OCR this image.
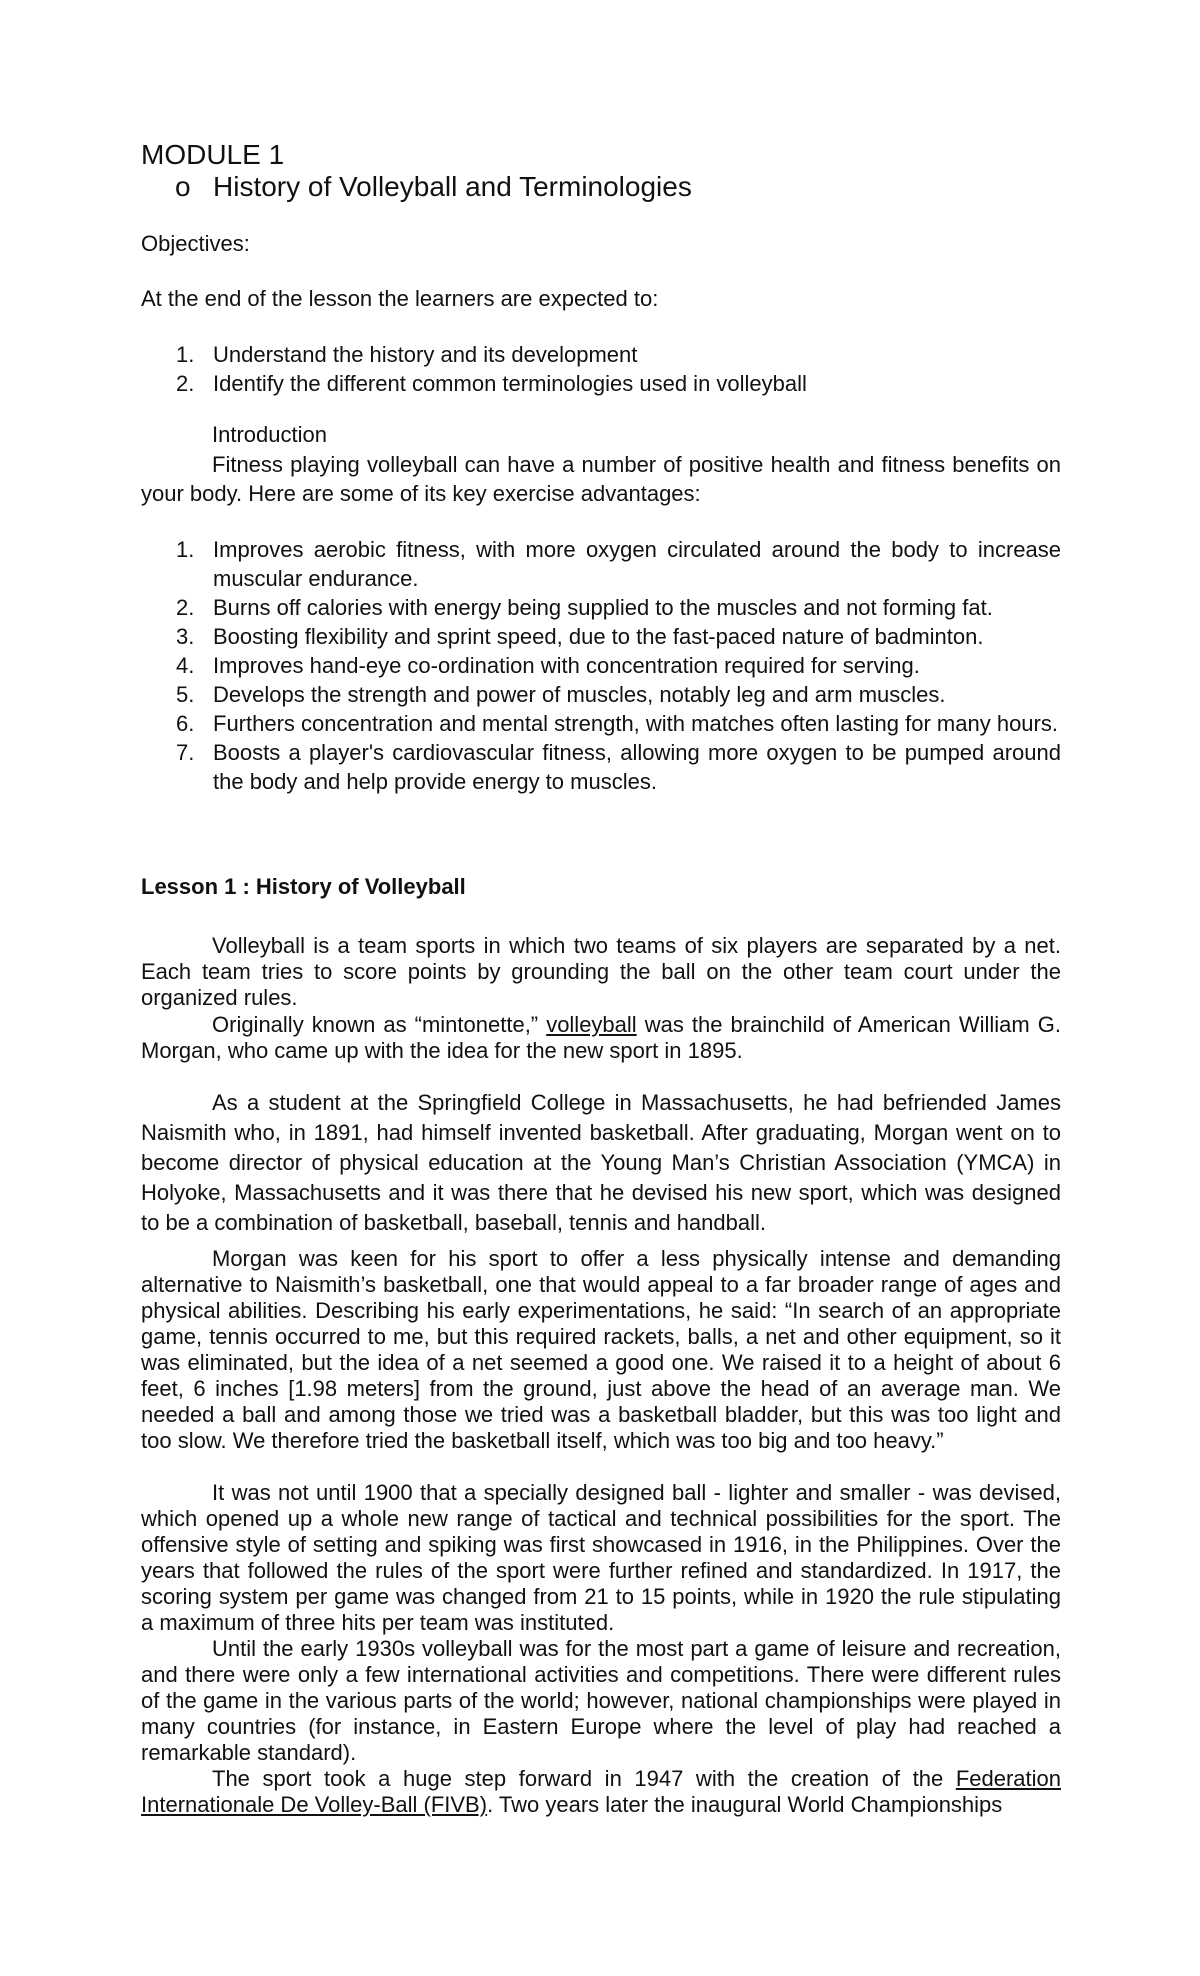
MODULE 1
o History of Volleyball and Terminologies
Objectives:
At the end of the lesson the learners are expected to:
1. Understand the history and its development
2. Identify the different common terminologies used in volleyball
Introduction

Fitness playing volleyball can have a number of positive health and fitness benefits on your body. Here are some of its key exercise advantages:

1. Improves aerobic fitness, with more oxygen circulated around the body to increase muscular endurance.
2. Burns off calories with energy being supplied to the muscles and not forming fat.
3. Boosting flexibility and sprint speed, due to the fast-paced nature of badminton.
4. Improves hand-eye co-ordination with concentration required for serving.
5. Develops the strength and power of muscles, notably leg and arm muscles.
6. Furthers concentration and mental strength, with matches often lasting for many hours.
7. Boosts a player's cardiovascular fitness, allowing more oxygen to be pumped around the body and help provide energy to muscles.
Lesson 1 : History of Volleyball

Volleyball is a team sports in which two teams of six players are separated by a net. Each team tries to score points by grounding the ball on the other team court under the organized rules.

Originally known as “mintonette,” volleyball was the brainchild of American William G. Morgan, who came up with the idea for the new sport in 1895.

As a student at the Springfield College in Massachusetts, he had befriended James Naismith who, in 1891, had himself invented basketball. After graduating, Morgan went on to become director of physical education at the Young Man’s Christian Association (YMCA) in Holyoke, Massachusetts and it was there that he devised his new sport, which was designed to be a combination of basketball, baseball, tennis and handball.

Morgan was keen for his sport to offer a less physically intense and demanding alternative to Naismith’s basketball, one that would appeal to a far broader range of ages and physical abilities. Describing his early experimentations, he said: “In search of an appropriate game, tennis occurred to me, but this required rackets, balls, a net and other equipment, so it was eliminated, but the idea of a net seemed a good one. We raised it to a height of about 6 feet, 6 inches [1.98 meters] from the ground, just above the head of an average man. We needed a ball and among those we tried was a basketball bladder, but this was too light and too slow. We therefore tried the basketball itself, which was too big and too heavy.”

It was not until 1900 that a specially designed ball - lighter and smaller - was devised, which opened up a whole new range of tactical and technical possibilities for the sport. The offensive style of setting and spiking was first showcased in 1916, in the Philippines. Over the years that followed the rules of the sport were further refined and standardized. In 1917, the scoring system per game was changed from 21 to 15 points, while in 1920 the rule stipulating a maximum of three hits per team was instituted.

Until the early 1930s volleyball was for the most part a game of leisure and recreation, and there were only a few international activities and competitions. There were different rules of the game in the various parts of the world; however, national championships were played in many countries (for instance, in Eastern Europe where the level of play had reached a remarkable standard).

The sport took a huge step forward in 1947 with the creation of the Federation Internationale De Volley-Ball (FIVB). Two years later the inaugural World Championships
